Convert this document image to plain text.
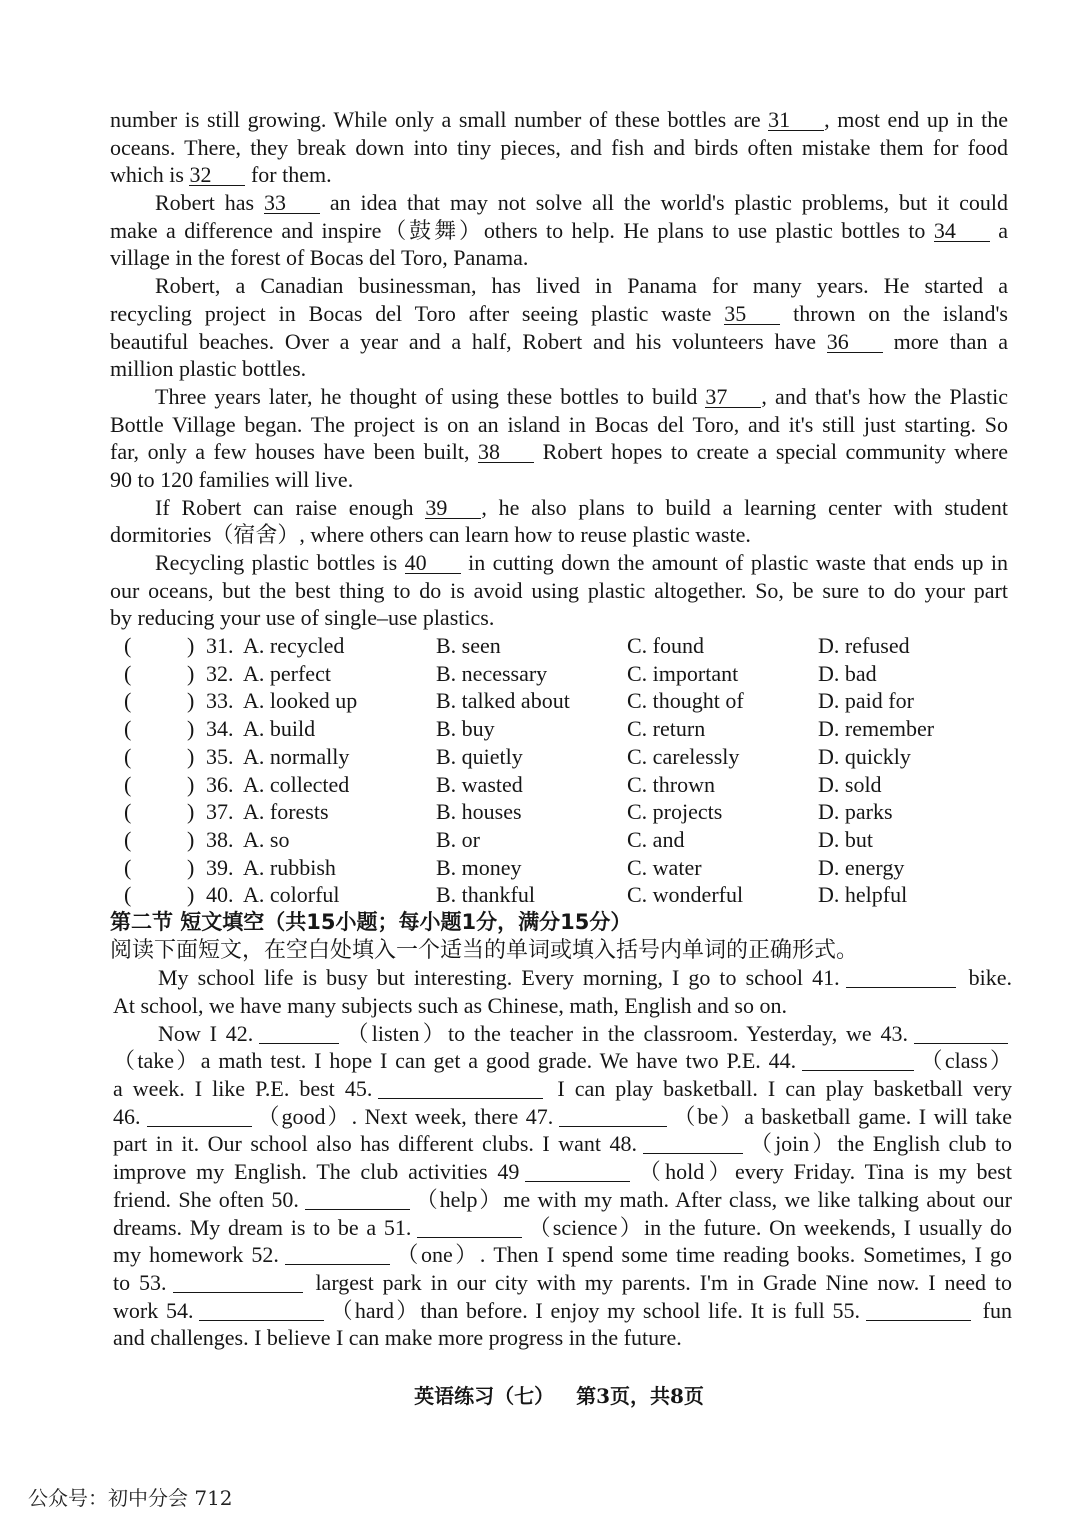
number is still growing. While only a small number of these bottles are 31 , most end up in the
oceans. There, they break down into tiny pieces, and fish and birds often mistake them for food
which is 32 for them.
Robert has 33 an idea that may not solve all the world's plastic problems, but it could
make a difference and inspire（鼓舞）others to help. He plans to use plastic bottles to 34 a
village in the forest of Bocas del Toro, Panama.
Robert, a Canadian businessman, has lived in Panama for many years. He started a
recycling project in Bocas del Toro after seeing plastic waste 35 thrown on the island's
beautiful beaches. Over a year and a half, Robert and his volunteers have 36 more than a
million plastic bottles.
Three years later, he thought of using these bottles to build 37 , and that's how the Plastic
Bottle Village began. The project is on an island in Bocas del Toro, and it's still just starting. So
far, only a few houses have been built, 38 Robert hopes to create a special community where
90 to 120 families will live.
If Robert can raise enough 39 , he also plans to build a learning center with student
dormitories（宿舍）, where others can learn how to reuse plastic waste.
Recycling plastic bottles is 40 in cutting down the amount of plastic waste that ends up in
our oceans, but the best thing to do is avoid using plastic altogether. So, be sure to do your part
by reducing your use of single–use plastics.
(	) 31. A. recycled	B. seen	C. found	D. refused
(	) 32. A. perfect	B. necessary	C. important	D. bad
(	) 33. A. looked up	B. talked about	C. thought of	D. paid for
(	) 34. A. build	B. buy	C. return	D. remember
(	) 35. A. normally	B. quietly	C. carelessly	D. quickly
(	) 36. A. collected	B. wasted	C. thrown	D. sold
(	) 37. A. forests	B. houses	C. projects	D. parks
(	) 38. A. so	B. or	C. and	D. but
(	) 39. A. rubbish	B. money	C. water	D. energy
(	) 40. A. colorful	B. thankful	C. wonderful	D. helpful
第二节 短文填空（共15小题；每小题1分，满分15分）
阅读下面短文，在空白处填入一个适当的单词或填入括号内单词的正确形式。
My school life is busy but interesting. Every morning, I go to school 41.	bike.
At school, we have many subjects such as Chinese, math, English and so on.
Now I 42.	（listen）to the teacher in the classroom. Yesterday, we 43.
（take）a math test. I hope I can get a good grade. We have two P.E. 44.	（class）
a week. I like P.E. best 45.	I can play basketball. I can play basketball very
46.	（good）. Next week, there 47.	（be）a basketball game. I will take
part in it. Our school also has different clubs. I want 48.	（join）the English club to
improve my English. The club activities 49	（hold）every Friday. Tina is my best
friend. She often 50.	（help）me with my math. After class, we like talking about our
dreams. My dream is to be a 51.	（science）in the future. On weekends, I usually do
my homework 52.	（one）. Then I spend some time reading books. Sometimes, I go
to 53.	largest park in our city with my parents. I'm in Grade Nine now. I need to
work 54.	（hard）than before. I enjoy my school life. It is full 55.	fun
and challenges. I believe I can make more progress in the future.
英语练习（七） 第3页，共8页
公众号：初中分会 712
